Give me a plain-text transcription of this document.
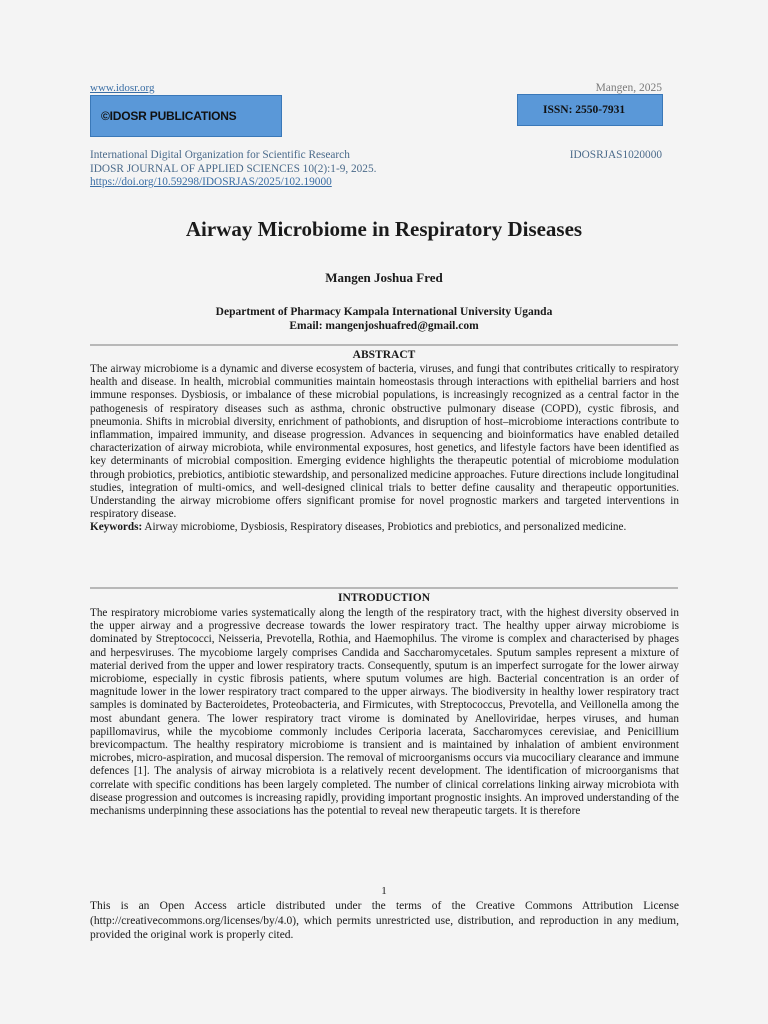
www.idosr.org	Mangen, 2025
©IDOSR PUBLICATIONS	ISSN: 2550-7931
International Digital Organization for Scientific Research	IDOSRJAS1020000
IDOSR JOURNAL OF APPLIED SCIENCES 10(2):1-9, 2025.
https://doi.org/10.59298/IDOSRJAS/2025/102.19000
Airway Microbiome in Respiratory Diseases
Mangen Joshua Fred
Department of Pharmacy Kampala International University Uganda
Email: mangenjoshuafred@gmail.com
ABSTRACT
The airway microbiome is a dynamic and diverse ecosystem of bacteria, viruses, and fungi that contributes critically to respiratory health and disease. In health, microbial communities maintain homeostasis through interactions with epithelial barriers and host immune responses. Dysbiosis, or imbalance of these microbial populations, is increasingly recognized as a central factor in the pathogenesis of respiratory diseases such as asthma, chronic obstructive pulmonary disease (COPD), cystic fibrosis, and pneumonia. Shifts in microbial diversity, enrichment of pathobionts, and disruption of host–microbiome interactions contribute to inflammation, impaired immunity, and disease progression. Advances in sequencing and bioinformatics have enabled detailed characterization of airway microbiota, while environmental exposures, host genetics, and lifestyle factors have been identified as key determinants of microbial composition. Emerging evidence highlights the therapeutic potential of microbiome modulation through probiotics, prebiotics, antibiotic stewardship, and personalized medicine approaches. Future directions include longitudinal studies, integration of multi-omics, and well-designed clinical trials to better define causality and therapeutic opportunities. Understanding the airway microbiome offers significant promise for novel prognostic markers and targeted interventions in respiratory disease.
Keywords: Airway microbiome, Dysbiosis, Respiratory diseases, Probiotics and prebiotics, and personalized medicine.
INTRODUCTION
The respiratory microbiome varies systematically along the length of the respiratory tract, with the highest diversity observed in the upper airway and a progressive decrease towards the lower respiratory tract. The healthy upper airway microbiome is dominated by Streptococci, Neisseria, Prevotella, Rothia, and Haemophilus. The virome is complex and characterised by phages and herpesviruses. The mycobiome largely comprises Candida and Saccharomycetales. Sputum samples represent a mixture of material derived from the upper and lower respiratory tracts. Consequently, sputum is an imperfect surrogate for the lower airway microbiome, especially in cystic fibrosis patients, where sputum volumes are high. Bacterial concentration is an order of magnitude lower in the lower respiratory tract compared to the upper airways. The biodiversity in healthy lower respiratory tract samples is dominated by Bacteroidetes, Proteobacteria, and Firmicutes, with Streptococcus, Prevotella, and Veillonella among the most abundant genera. The lower respiratory tract virome is dominated by Anelloviridae, herpes viruses, and human papillomavirus, while the mycobiome commonly includes Ceriporia lacerata, Saccharomyces cerevisiae, and Penicillium brevicompactum. The healthy respiratory microbiome is transient and is maintained by inhalation of ambient environment microbes, micro-aspiration, and mucosal dispersion. The removal of microorganisms occurs via mucociliary clearance and immune defences [1]. The analysis of airway microbiota is a relatively recent development. The identification of microorganisms that correlate with specific conditions has been largely completed. The number of clinical correlations linking airway microbiota with disease progression and outcomes is increasing rapidly, providing important prognostic insights. An improved understanding of the mechanisms underpinning these associations has the potential to reveal new therapeutic targets. It is therefore
1
This is an Open Access article distributed under the terms of the Creative Commons Attribution License (http://creativecommons.org/licenses/by/4.0), which permits unrestricted use, distribution, and reproduction in any medium, provided the original work is properly cited.
